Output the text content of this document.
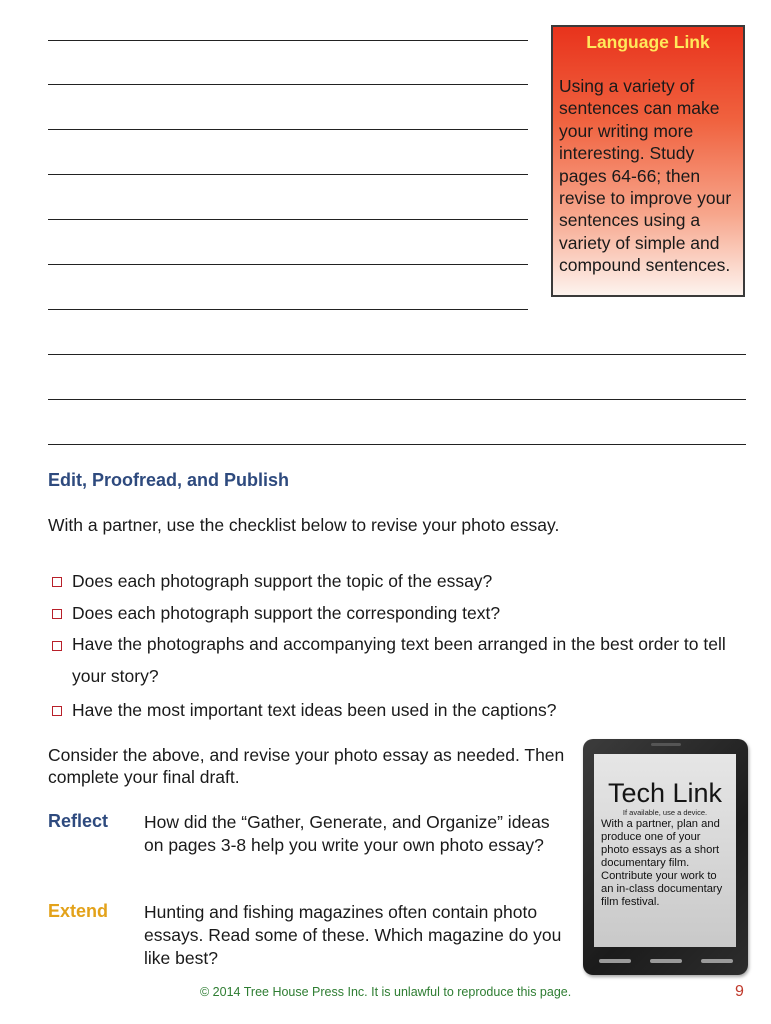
Language Link
Using a variety of sentences can make your writing more interesting. Study pages 64-66; then revise to improve your sentences using a variety of simple and compound sentences.
Edit, Proofread, and Publish
With a partner, use the checklist below to revise your photo essay.
Does each photograph support the topic of the essay?
Does each photograph support the corresponding text?
Have the photographs and accompanying text been arranged in the best order to tell your story?
Have the most important text ideas been used in the captions?
Consider the above, and revise your photo essay as needed. Then complete your final draft.
Reflect How did the “Gather, Generate, and Organize” ideas on pages 3-8 help you write your own photo essay?
Extend Hunting and fishing magazines often contain photo essays. Read some of these. Which magazine do you like best?
Tech Link
If available, use a device.
With a partner, plan and produce one of your photo essays as a short documentary film. Contribute your work to an in-class documentary film festival.
© 2014 Tree House Press Inc. It is unlawful to reproduce this page.	9
